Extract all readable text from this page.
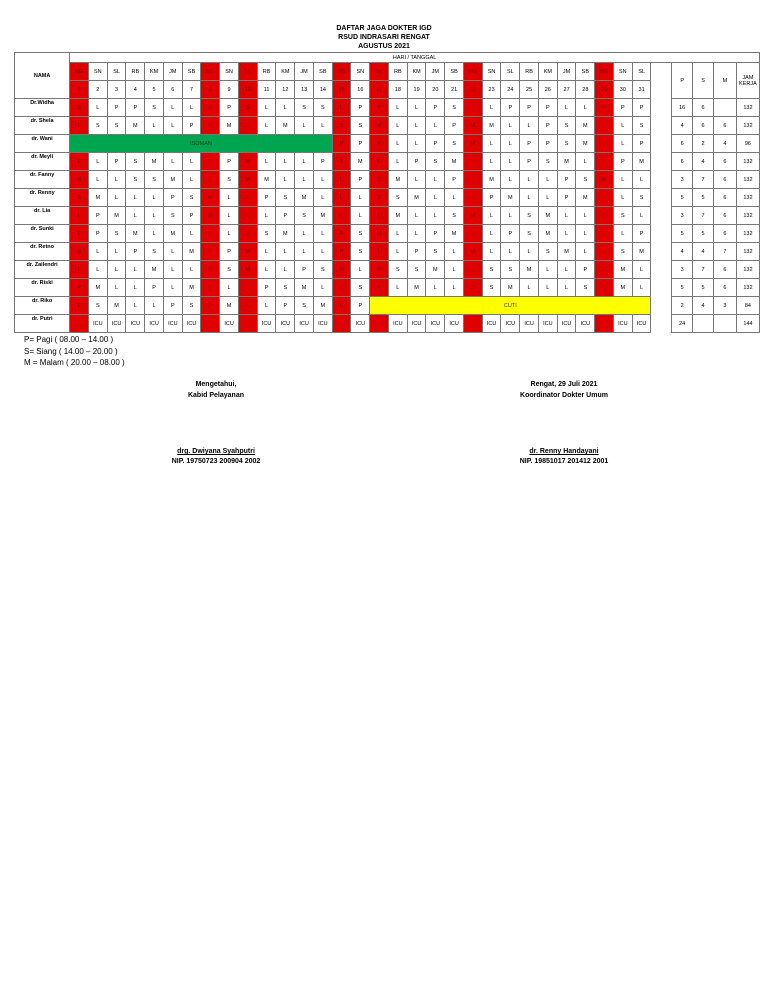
DAFTAR JAGA DOKTER IGD
RSUD INDRASARI RENGAT
AGUSTUS 2021
NAMA	HARI / TANGGAL																																			
	MG	SN	SL	RB	KM	JM	SB	MG	SN	SL	RB	KM	JM	SB	MG	SN	SL	RB	KM	JM	SB	MG	SN	SL	RB	KM	JM	SB	MG	SN	SL		P	S	M	JAM KERJA
	1	2	3	4	5	6	7	8	9	10	11	12	13	14	15	16	17	18	19	20	21	22	23	24	25	26	27	28	29	30	31					
Dr.Widha	S	L	P	P	S	L	L	S	P	S	L	L	S	S	L	P	P	L	L	P	S	L	L	P	P	P	L	L	P	P	P		16	6		132
dr. Shela	L	S	S	M	L	L	P	S	M	L	L	M	L	L	S	S	M	L	L	L	P	M	M	L	L	P	S	M	L	L	S		4	6	6	132
dr. Wani	ISOMAN														P	P	M	L	L	P	S	M	L	L	P	P	S	M	L	L	P		6	2	4	96
dr. Meyli	L	L	P	S	M	L	L	L	P	M	L	L	L	P	S	M	L	L	P	S	M	L	L	L	P	S	M	L	L	P	M		6	4	6	132
dr. Fanny	M	L	L	S	S	M	L	L	S	M	M	L	L	L	L	P	S	M	L	L	P	L	M	L	L	L	P	S	M	L	L		3	7	6	132
dr. Renny	S	M	L	L	L	P	S	M	L	L	P	S	M	L	L	L	S	S	M	L	L	L	P	M	L	L	P	M	L	L	S		5	5	6	132
dr. Lia	L	P	M	L	L	S	P	M	L	L	L	P	S	M	L	L	L	M	L	L	S	M	L	L	S	M	L	L	S	S	L		3	7	6	132
dr. Sunki	L	P	S	M	L	M	L	L	L	S	S	M	L	L	P	S	M	L	L	P	M	L	L	P	S	M	L	L	L	L	P		5	5	6	132
dr. Retno	M	L	L	P	S	L	M	L	P	M	L	L	L	L	P	S	L	L	P	S	L	M	L	L	L	S	M	L	L	S	M		4	4	7	132
dr. Zailendri	L	L	L	L	M	L	L	P	S	M	L	L	P	S	M	L	P	S	S	M	L	L	S	S	M	L	L	P	S	M	L		3	7	6	132
dr. Riski	P	M	L	L	P	L	M	L	L	L	P	S	M	L	L	S	P	L	M	L	L	S	S	M	L	L	L	S	S	M	L		5	5	6	132
dr. Riko	L	S	M	L	L	P	S	P	M	L	L	P	S	M	L	P	CUTI																2	4	3	84
dr. Putri		ICU	ICU	ICU	ICU	ICU	ICU		ICU		ICU	ICU	ICU	ICU		ICU		ICU	ICU	ICU	ICU		ICU	ICU	ICU	ICU	ICU	ICU		ICU	ICU		24			144
P= Pagi ( 08.00 – 14.00 )
S= Siang ( 14.00 – 20.00 )
M = Malam ( 20.00 – 08.00 )
Mengetahui,
Kabid Pelayanan
drg. Dwiyana Syahputri
NIP. 19750723 200904 2002
Rengat, 29 Juli 2021
Koordinator Dokter Umum
dr. Renny Handayani
NIP. 19851017 201412 2001
